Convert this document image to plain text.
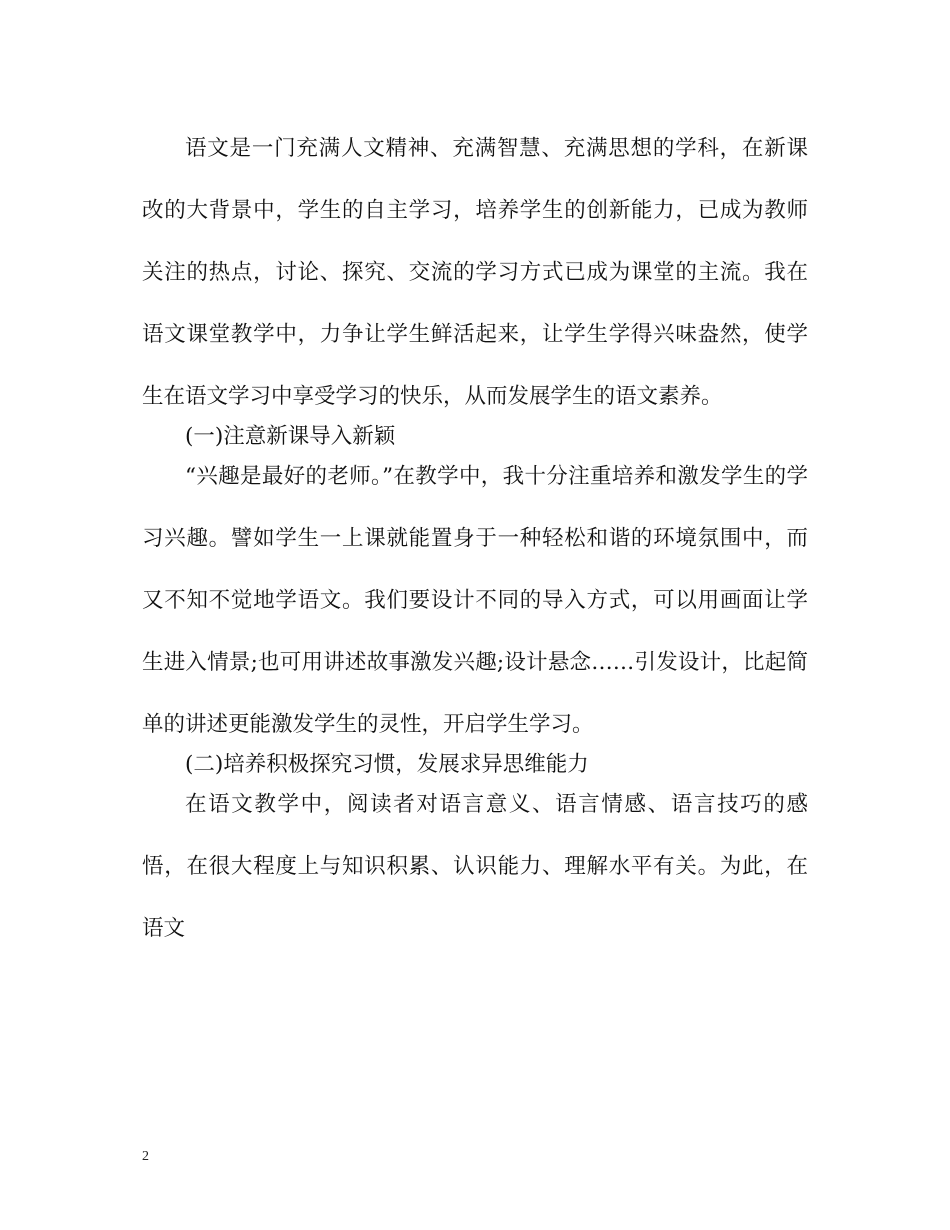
语文是一门充满人文精神、充满智慧、充满思想的学科，在新课改的大背景中，学生的自主学习，培养学生的创新能力，已成为教师关注的热点，讨论、探究、交流的学习方式已成为课堂的主流。我在语文课堂教学中，力争让学生鲜活起来，让学生学得兴味盎然，使学生在语文学习中享受学习的快乐，从而发展学生的语文素养。

(一)注意新课导入新颖

“兴趣是最好的老师。”在教学中，我十分注重培养和激发学生的学习兴趣。譬如学生一上课就能置身于一种轻松和谐的环境氛围中，而又不知不觉地学语文。我们要设计不同的导入方式，可以用画面让学生进入情景;也可用讲述故事激发兴趣;设计悬念……引发设计，比起简单的讲述更能激发学生的灵性，开启学生学习。

(二)培养积极探究习惯，发展求异思维能力

在语文教学中，阅读者对语言意义、语言情感、语言技巧的感悟，在很大程度上与知识积累、认识能力、理解水平有关。为此，在语文

2
